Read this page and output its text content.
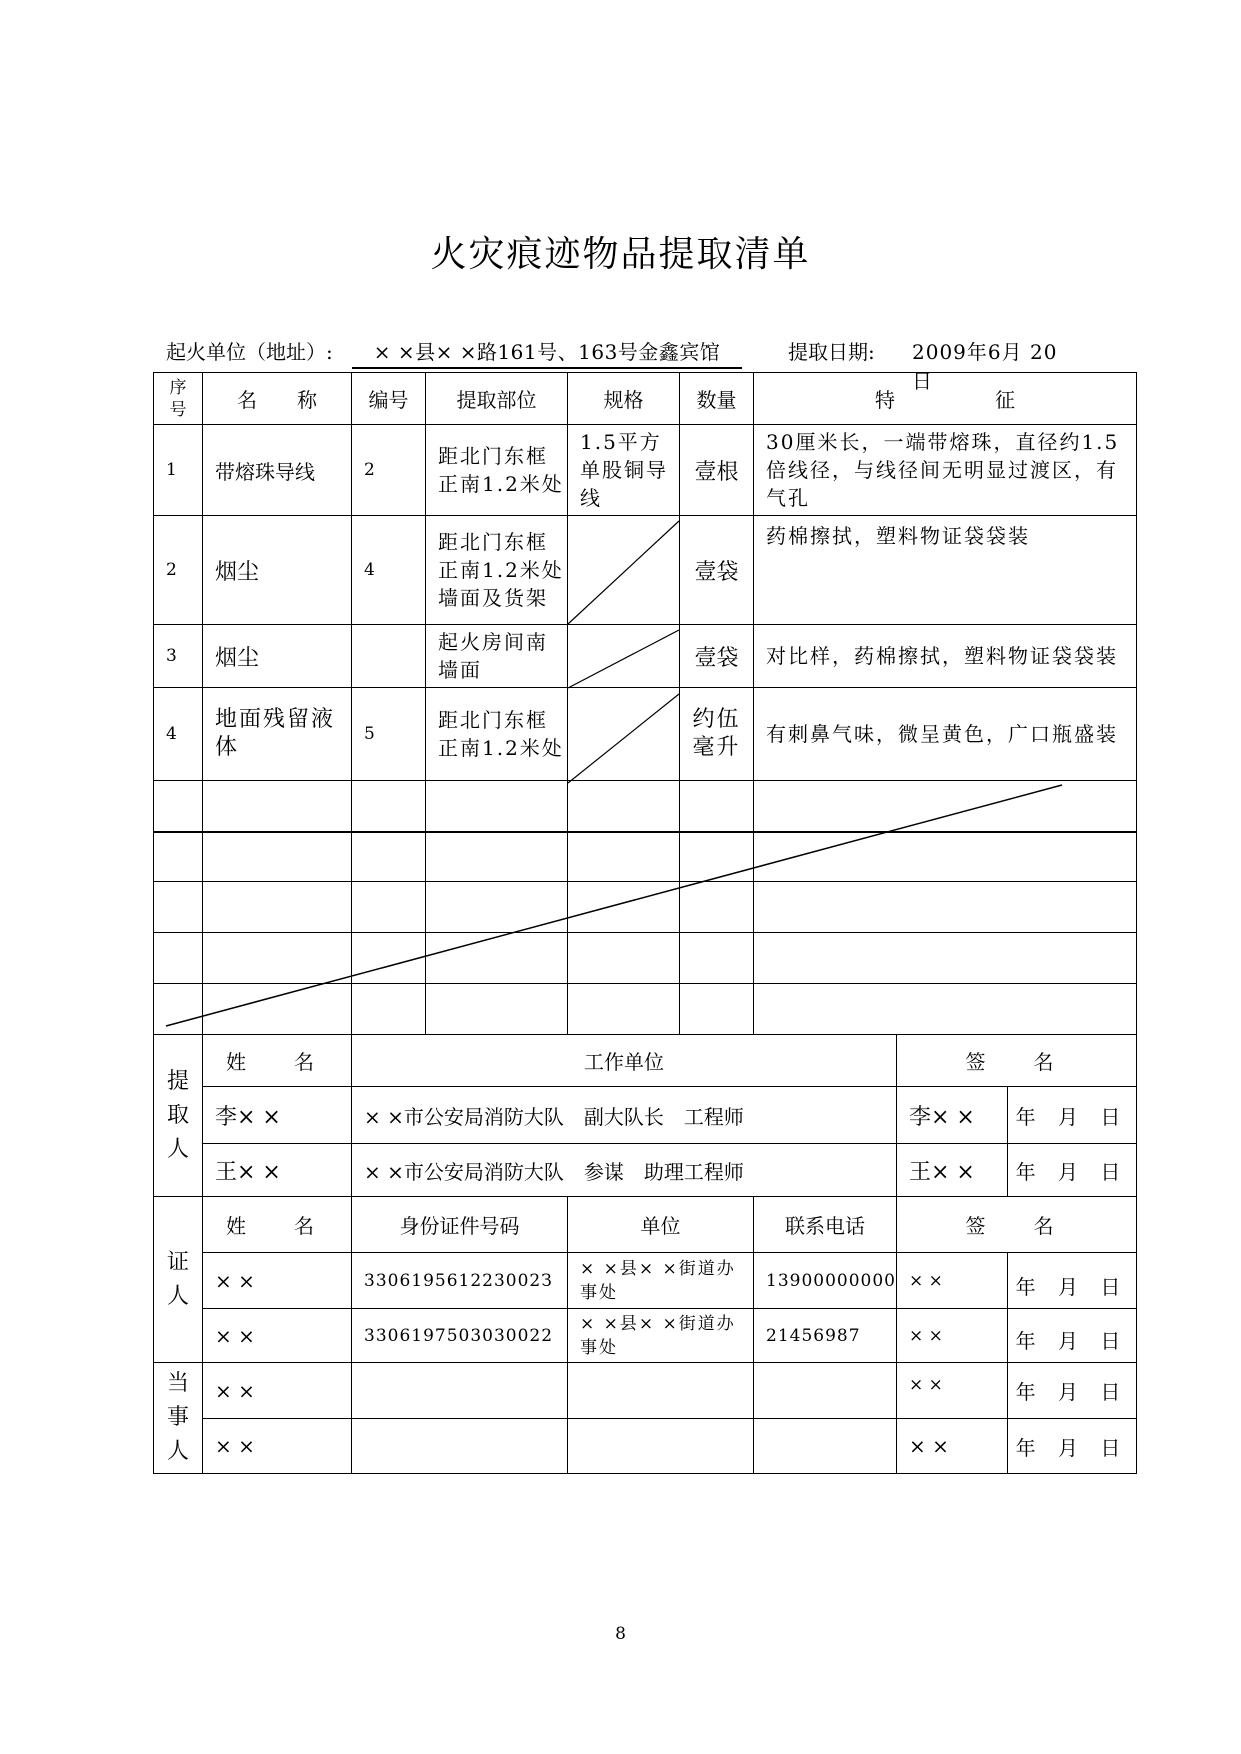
火灾痕迹物品提取清单
起火单位（地址）:	× ×县× ×路161号、163号金鑫宾馆	提取日期: 2009年6月 20日
序号	名　　称	编号	提取部位	规格	数量	特　　　　　征		
1	带熔珠导线	2	距北门东框正南1.2米处	1.5平方单股铜导线	壹根	30厘米长，一端带熔珠，直径约1.5倍线径，与线径间无明显过渡区，有气孔		
2	烟尘	4	距北门东框正南1.2米处墙面及货架		壹袋	药棉擦拭，塑料物证袋袋装		
3	烟尘		起火房间南墙面		壹袋	对比样，药棉擦拭，塑料物证袋袋装		
4	地面残留液体	5	距北门东框正南1.2米处		约伍毫升	有刺鼻气味，微呈黄色，广口瓶盛装		

提取人	姓　名	工作单位					签　名	
	李× ×	× ×市公安局消防大队　副大队长　工程师					李× ×	年 月 日
	王× ×	× ×市公安局消防大队　参谋　助理工程师					王× ×	年 月 日

证人	姓　名	身份证件号码		单位		联系电话	签　名	
	× ×	330619561223002З		× ×县× ×街道办事处		13900000000	× ×	年 月 日
	× ×	3306197503030022		× ×县× ×街道办事处		21456987	× ×	年 月 日

当事人	× ×						× ×	年 月 日
	× ×						× ×	年 月 日
8
